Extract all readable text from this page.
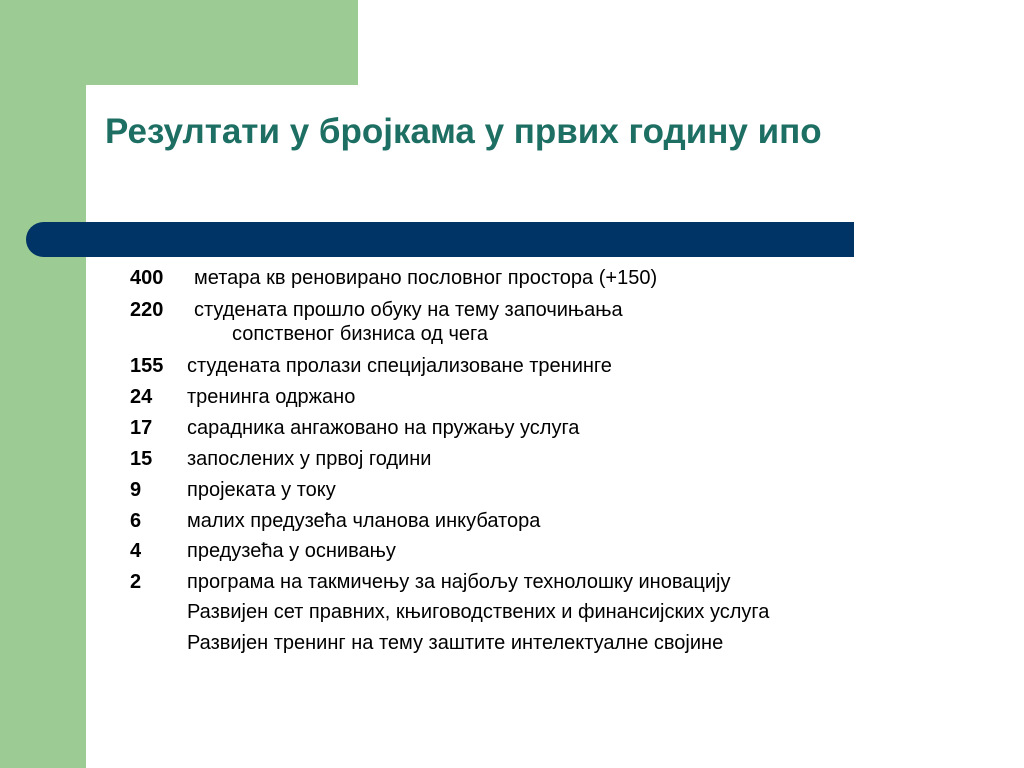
Резултати у бројкама у првих годину ипо
400 метара кв реновирано пословног простора (+150)
220 студената прошло обуку на тему започињања
сопственог бизниса од чега
155 студената пролази специјализоване тренинге
24 тренинга одржано
17 сарадника ангажовано на пружању услуга
15 запослених у првој години
9 пројеката у току
6 малих предузећа чланова инкубатора
4 предузећа у оснивању
2 програма на такмичењу за најбољу технолошку иновацију
Развијен сет правних, књиговодствених и финансијских услуга
Развијен тренинг на тему заштите интелектуалне својине
